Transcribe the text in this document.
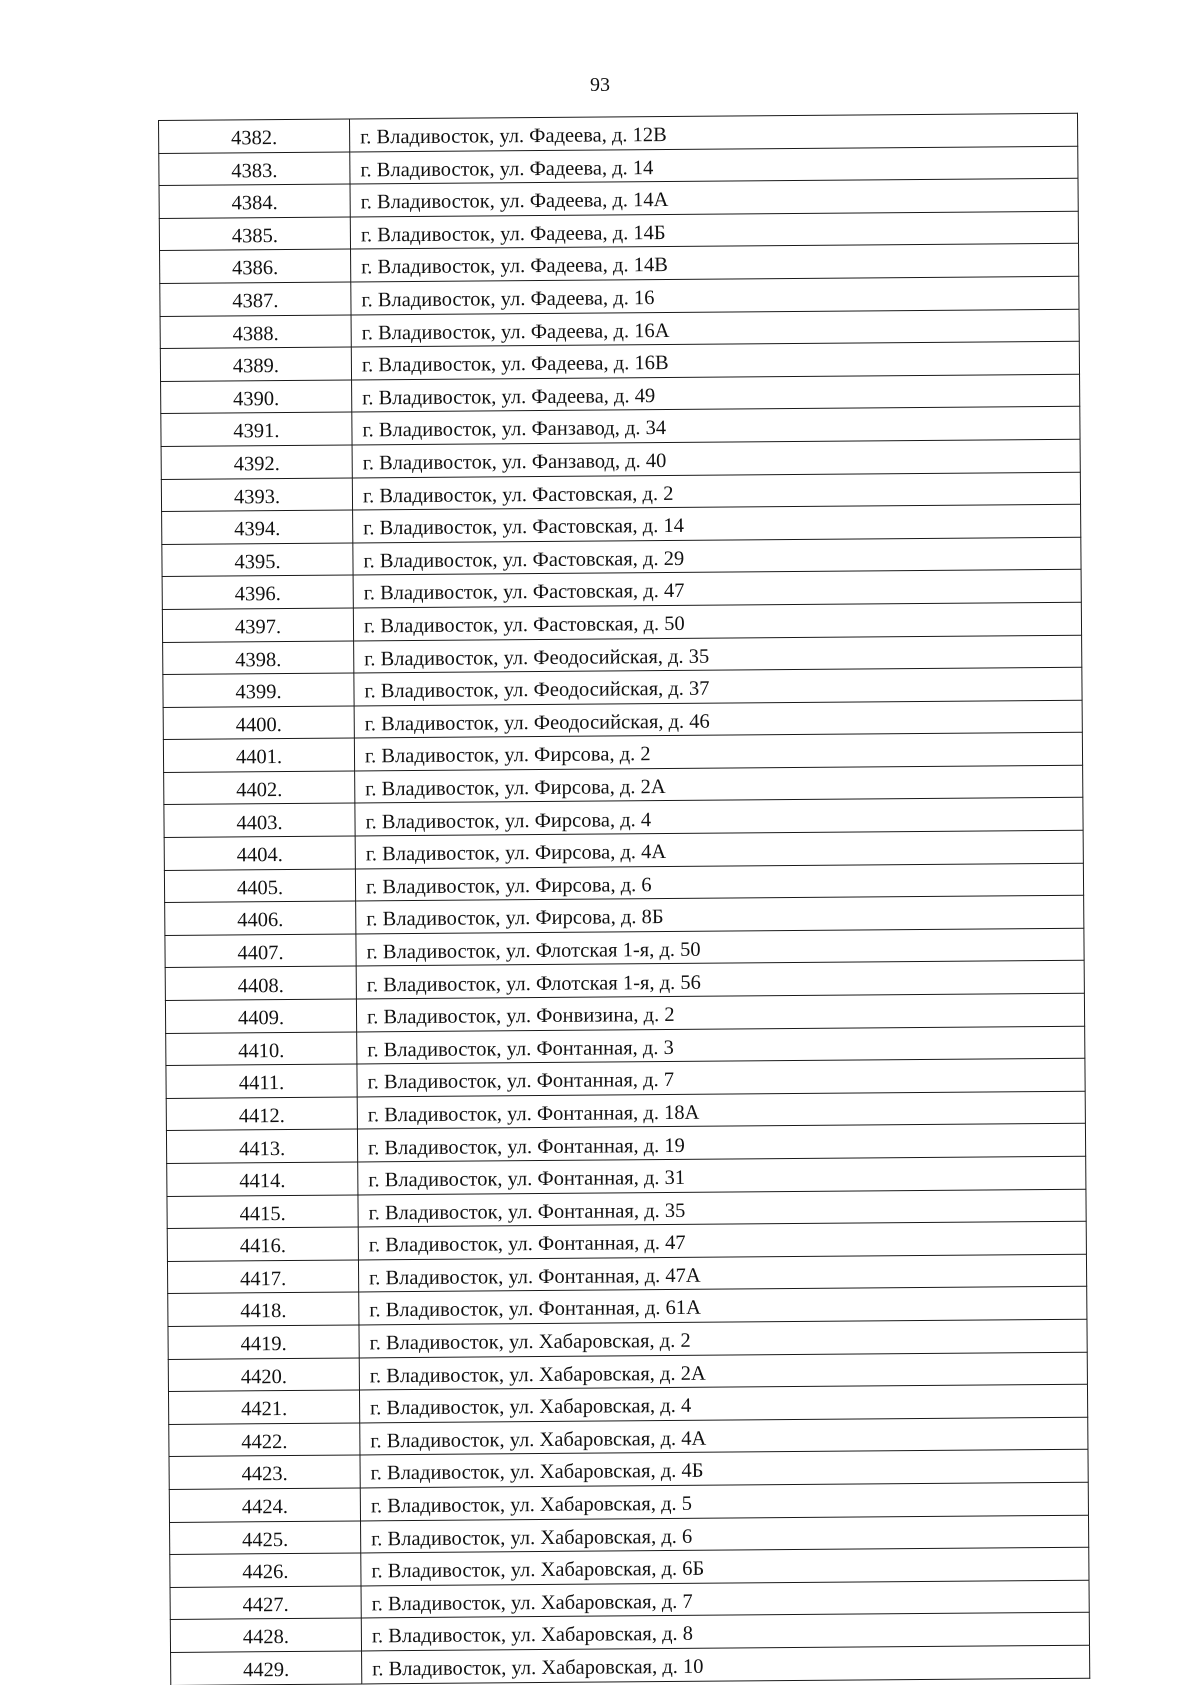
93
4382.	г. Владивосток, ул. Фадеева, д. 12В
4383.	г. Владивосток, ул. Фадеева, д. 14
4384.	г. Владивосток, ул. Фадеева, д. 14А
4385.	г. Владивосток, ул. Фадеева, д. 14Б
4386.	г. Владивосток, ул. Фадеева, д. 14В
4387.	г. Владивосток, ул. Фадеева, д. 16
4388.	г. Владивосток, ул. Фадеева, д. 16А
4389.	г. Владивосток, ул. Фадеева, д. 16В
4390.	г. Владивосток, ул. Фадеева, д. 49
4391.	г. Владивосток, ул. Фанзавод, д. 34
4392.	г. Владивосток, ул. Фанзавод, д. 40
4393.	г. Владивосток, ул. Фастовская, д. 2
4394.	г. Владивосток, ул. Фастовская, д. 14
4395.	г. Владивосток, ул. Фастовская, д. 29
4396.	г. Владивосток, ул. Фастовская, д. 47
4397.	г. Владивосток, ул. Фастовская, д. 50
4398.	г. Владивосток, ул. Феодосийская, д. 35
4399.	г. Владивосток, ул. Феодосийская, д. 37
4400.	г. Владивосток, ул. Феодосийская, д. 46
4401.	г. Владивосток, ул. Фирсова, д. 2
4402.	г. Владивосток, ул. Фирсова, д. 2А
4403.	г. Владивосток, ул. Фирсова, д. 4
4404.	г. Владивосток, ул. Фирсова, д. 4А
4405.	г. Владивосток, ул. Фирсова, д. 6
4406.	г. Владивосток, ул. Фирсова, д. 8Б
4407.	г. Владивосток, ул. Флотская 1-я, д. 50
4408.	г. Владивосток, ул. Флотская 1-я, д. 56
4409.	г. Владивосток, ул. Фонвизина, д. 2
4410.	г. Владивосток, ул. Фонтанная, д. 3
4411.	г. Владивосток, ул. Фонтанная, д. 7
4412.	г. Владивосток, ул. Фонтанная, д. 18А
4413.	г. Владивосток, ул. Фонтанная, д. 19
4414.	г. Владивосток, ул. Фонтанная, д. 31
4415.	г. Владивосток, ул. Фонтанная, д. 35
4416.	г. Владивосток, ул. Фонтанная, д. 47
4417.	г. Владивосток, ул. Фонтанная, д. 47А
4418.	г. Владивосток, ул. Фонтанная, д. 61А
4419.	г. Владивосток, ул. Хабаровская, д. 2
4420.	г. Владивосток, ул. Хабаровская, д. 2А
4421.	г. Владивосток, ул. Хабаровская, д. 4
4422.	г. Владивосток, ул. Хабаровская, д. 4А
4423.	г. Владивосток, ул. Хабаровская, д. 4Б
4424.	г. Владивосток, ул. Хабаровская, д. 5
4425.	г. Владивосток, ул. Хабаровская, д. 6
4426.	г. Владивосток, ул. Хабаровская, д. 6Б
4427.	г. Владивосток, ул. Хабаровская, д. 7
4428.	г. Владивосток, ул. Хабаровская, д. 8
4429.	г. Владивосток, ул. Хабаровская, д. 10
